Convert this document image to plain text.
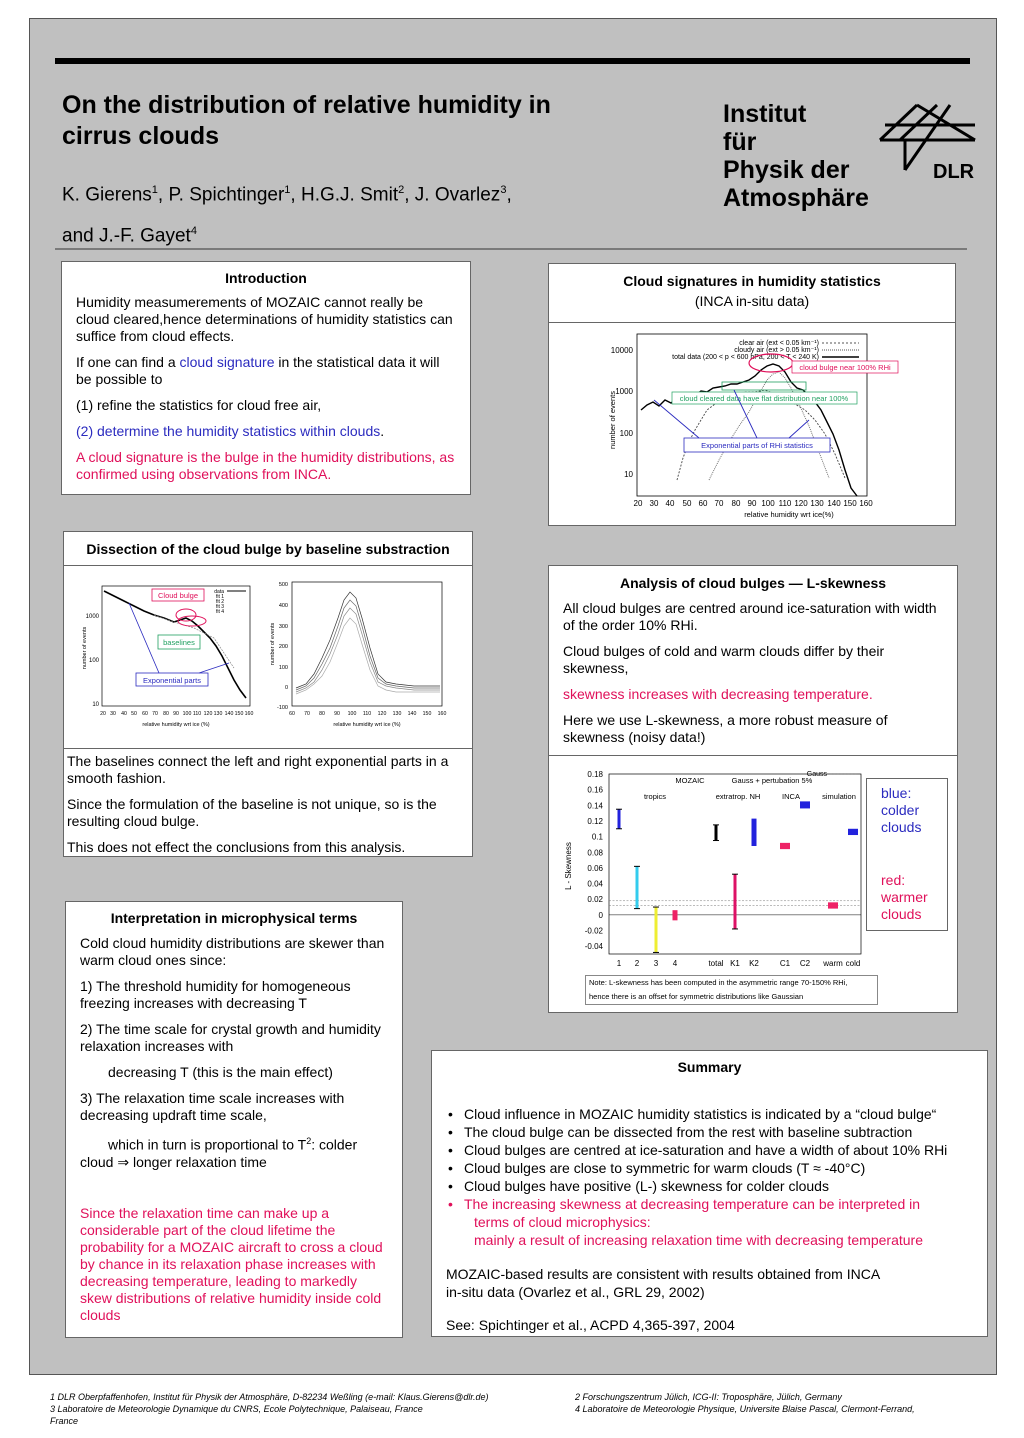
On the distribution of relative humidity in
cirrus clouds
K. Gierens$^1$, P. Spichtinger$^1$, H.G.J. Smit$^2$, J. Ovarlez$^3$,
and J.-F. Gayet$^4$
Institut
für
Physik der
Atmosphäre
DLR
Introduction

Humidity measumerements of MOZAIC cannot really be cloud cleared,hence determinations of humidity statistics can suffice from cloud effects.

If one can find a cloud signature in the statistical data it will be possible to

(1) refine the statistics for cloud free air,

(2) determine the humidity statistics within clouds.

A cloud signature is the bulge in the humidity distributions, as confirmed using observations from INCA.

Cloud signatures in humidity statistics
(INCA in-situ data)
10000
1000
100
10
20 30 40 50 60 70 80 90 100 110 120 130 140 150 160
relative humidity wrt ice(%)
number of events
clear air (ext < 0.05 km⁻¹)
cloudy air (ext > 0.05 km⁻¹)
total data (200 < p < 600 hPa, 200 < T < 240 K)
cloud bulge near 100% RHi
cloud cleared data have flat distribution near 100%
Exponential parts of RHi statistics
Dissection of the cloud bulge by baseline substraction
1000
100
10
20 30 40 50 60 70 80 90 100 110 120 130 140 150 160
relative humidity wrt ice (%)
number of events
data
fit 1
fit 2
fit 3
fit 4
Cloud bulge
baselines
Exponential parts
500
400
300
200
100
0
-100
60 70 80 90 100 110 120 130 140 150 160
relative humidity wrt ice (%)
number of events

The baselines connect the left and right exponential parts in a smooth fashion.

Since the formulation of the baseline is not unique, so is the resulting cloud bulge.

This does not effect the conclusions from this analysis.

Analysis of cloud bulges — L-skewness

All cloud bulges are centred around ice-saturation with width of the order 10% RHi.

Cloud bulges of cold and warm clouds differ by their skewness,

skewness increases with decreasing temperature.

Here we use L-skewness, a more robust measure of skewness (noisy data!)

0.18
0.16
0.14
0.12
0.1
0.08
0.06
0.04
0.02
0
-0.02
-0.04
1 2 3 4	total K1 K2	C1 C2 warm cold
L - Skewness
MOZAIC	Gauss + pertubation 5%
tropics	extratrop. NH	INCA	simulation
Gauss
Note: L-skewness has been computed in the asymmetric range 70-150% RHi,
hence there is an offset for symmetric distributions like Gaussian
blue:
colder
clouds
red:
warmer
clouds
Interpretation in microphysical terms

Cold cloud humidity distributions are skewer than warm cloud ones since:

1) The threshold humidity for homogeneous freezing increases with decreasing T

2) The time scale for crystal growth and humidity relaxation increases with

decreasing T (this is the main effect)

3) The relaxation time scale increases with decreasing updraft time scale,

which in turn is proportional to $T^2$: colder

cloud ⇒ longer relaxation time

Since the relaxation time can make up a considerable part of the cloud lifetime the probability for a MOZAIC aircraft to cross a cloud by chance in its relaxation phase increases with decreasing temperature, leading to markedly skew distributions of relative humidity inside cold clouds

Summary
• Cloud influence in MOZAIC humidity statistics is indicated by a “cloud bulge“
• The cloud bulge can be dissected from the rest with baseline subtraction
• Cloud bulges are centred at ice-saturation and have a width of about 10% RHi
• Cloud bulges are close to symmetric for warm clouds (T ≈ -40°C)
• Cloud bulges have positive (L-) skewness for colder clouds
• The increasing skewness at decreasing temperature can be interpreted in
terms of cloud microphysics:
mainly a result of increasing relaxation time with decreasing temperature
MOZAIC-based results are consistent with results obtained from INCA
in-situ data (Ovarlez et al., GRL 29, 2002)
See: Spichtinger et al., ACPD 4,365-397, 2004
1 DLR Oberpfaffenhofen, Institut für Physik der Atmosphäre, D-82234 Weßling (e-mail: Klaus.Gierens@dlr.de)
3 Laboratoire de Meteorologie Dynamique du CNRS, Ecole Polytechnique, Palaiseau, France
France
2 Forschungszentrum Jülich, ICG-II: Troposphäre, Jülich, Germany
4 Laboratoire de Meteorologie Physique, Universite Blaise Pascal, Clermont-Ferrand,
